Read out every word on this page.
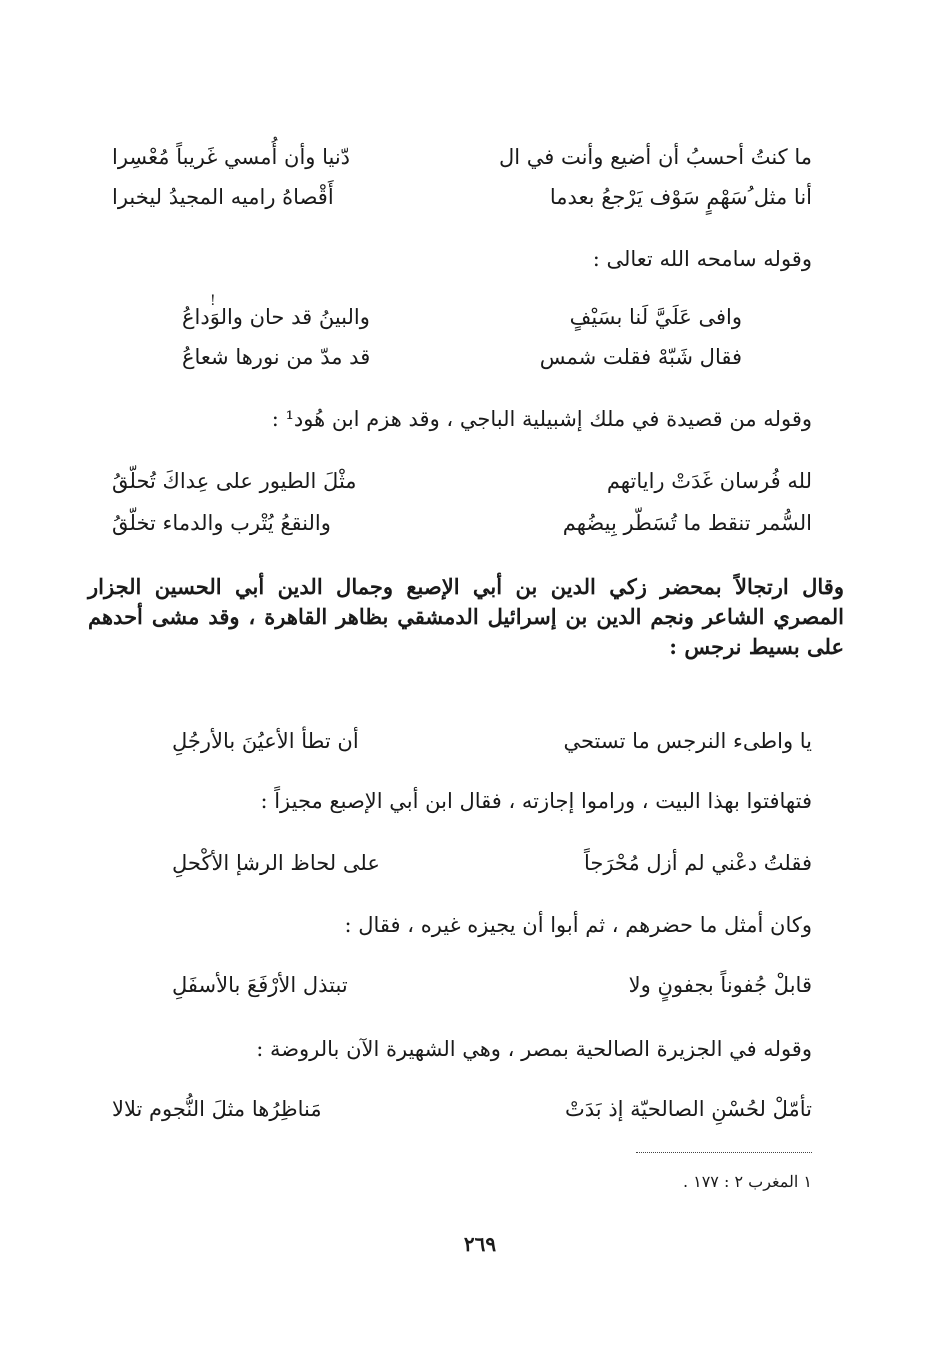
ما كنتُ أحسبُ أن أضيع وأنت في ال
دّنيا وأن أُمسي غَريباً مُعْسِرا
أنا مثل ُسَهْمٍ سَوْف يَرْجعُ بعدما
أَقْصاهُ راميه المجيدُ ليخبرا
وقوله سامحه الله تعالى :
!
وافى عَلَيَّ لَنا بسَيْفٍ
والبينُ قد حان والوَداعُ
فقال شَبّهْ فقلت شمس
قد مدّ من نورها شعاعُ
وقوله من قصيدة في ملك إشبيلية الباجي ، وقد هزم ابن هُود¹ :
لله فُرسان غَدَتْ راياتهم
مثْلَ الطيور على عِداكَ تُحلّقُ
السُّمر تنقط ما تُسَطّر بِيضُهم
والنقعُ يُتْرب والدماء تخلّقُ
وقال ارتجالاً بمحضر زكي الدين بن أبي الإصبع وجمال الدين أبي الحسين الجزار المصري الشاعر ونجم الدين بن إسرائيل الدمشقي بظاهر القاهرة ، وقد مشى أحدهم على بسيط نرجس :
يا واطىء النرجس ما تستحي
أن تطأ الأعيُنَ بالأرجُلِ
فتهافتوا بهذا البيت ، وراموا إجازته ، فقال ابن أبي الإصبع مجيزاً :
فقلتُ دعْني لم أزل مُحْرَجاً
على لحاظ الرشإ الأكْحلِ
وكان أمثل ما حضرهم ، ثم أبوا أن يجيزه غيره ، فقال :
قابلْ جُفوناً بجفونٍ ولا
تبتذل الأرْفَعَ بالأسفَلِ
وقوله في الجزيرة الصالحية بمصر ، وهي الشهيرة الآن بالروضة :
تأمّلْ لحُسْنِ الصالحيّة إذ بَدَتْ
مَناظِرُها مثلَ النُّجوم تلالا
١ المغرب ٢ : ١٧٧ .
٢٦٩
